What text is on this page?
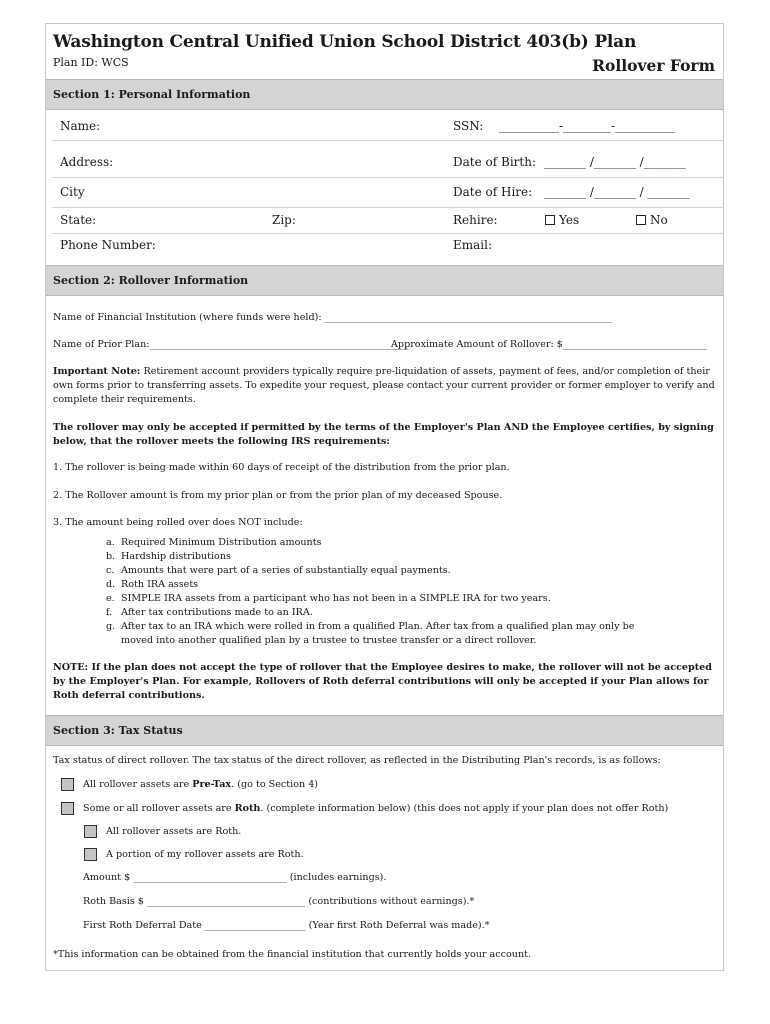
Washington Central Unified Union School District 403(b) Plan
Plan ID: WCS	Rollover Form
Section 1: Personal Information
Name:	SSN: __________-________-__________
Address:	Date of Birth: _______ /_______ /_______
City	Date of Hire: _______ /_______ / _______
State:	Zip:	Rehire:	Yes	No
Phone Number:	Email:
Section 2: Rollover Information
Name of Financial Institution (where funds were held): ____________________________________________________________
Name of Prior Plan:______________________________________________________
Approximate Amount of Rollover: $______________________________
Important Note: Retirement account providers typically require pre-liquidation of assets, payment of fees, and/or completion of their own forms prior to transferring assets. To expedite your request, please contact your current provider or former employer to verify and complete their requirements.
The rollover may only be accepted if permitted by the terms of the Employer's Plan AND the Employee certifies, by signing below, that the rollover meets the following IRS requirements:
1. The rollover is being made within 60 days of receipt of the distribution from the prior plan.
2. The Rollover amount is from my prior plan or from the prior plan of my deceased Spouse.
3. The amount being rolled over does NOT include:
a. Required Minimum Distribution amounts
b. Hardship distributions
c. Amounts that were part of a series of substantially equal payments.
d. Roth IRA assets
e. SIMPLE IRA assets from a participant who has not been in a SIMPLE IRA for two years.
f. After tax contributions made to an IRA.
g. After tax to an IRA which were rolled in from a qualified Plan. After tax from a qualified plan may only be
moved into another qualified plan by a trustee to trustee transfer or a direct rollover.
NOTE: If the plan does not accept the type of rollover that the Employee desires to make, the rollover will not be accepted by the Employer's Plan. For example, Rollovers of Roth deferral contributions will only be accepted if your Plan allows for Roth deferral contributions.
Section 3: Tax Status
Tax status of direct rollover. The tax status of the direct rollover, as reflected in the Distributing Plan's records, is as follows:
All rollover assets are Pre-Tax. (go to Section 4)
Some or all rollover assets are Roth. (complete information below) (this does not apply if your plan does not offer Roth)
All rollover assets are Roth.
A portion of my rollover assets are Roth.
Amount $ ________________________________ (includes earnings).
Roth Basis $ _________________________________ (contributions without earnings).*
First Roth Deferral Date _____________________ (Year first Roth Deferral was made).*
*This information can be obtained from the financial institution that currently holds your account.
